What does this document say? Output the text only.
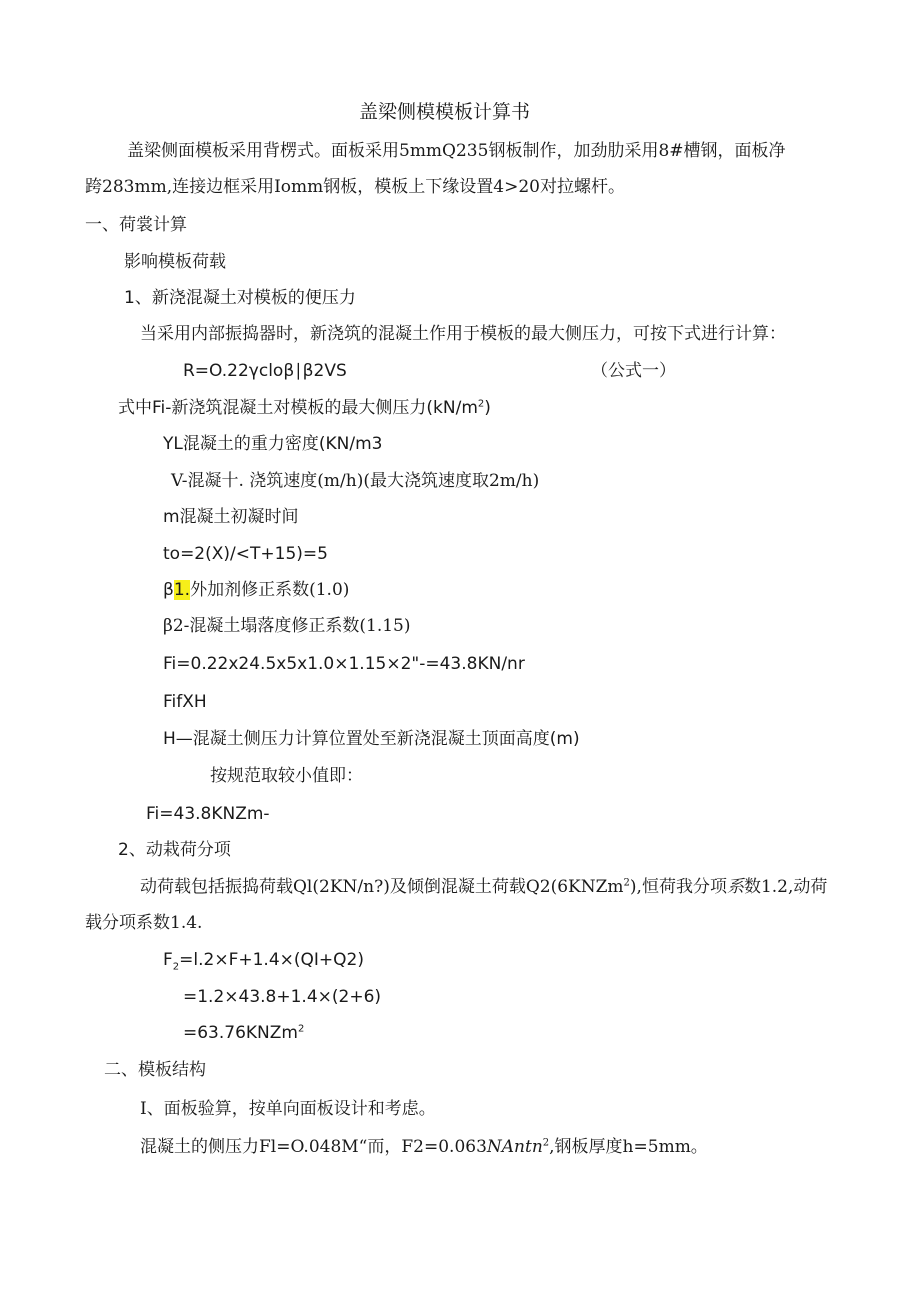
盖梁侧模模板计算书
盖梁侧面模板采用背楞式。面板采用5mmQ235钢板制作，加劲肋采用8#槽钢，面板净
跨283mm,连接边框采用Iomm钢板，模板上下缘设置4>20对拉螺杆。
一、荷裳计算
影响模板荷载
1、新浇混凝土对模板的便压力
当采用内部振捣器时，新浇筑的混凝土作用于模板的最大侧压力，可按下式进行计算：
R=O.22γcloβ∣β2VS	（公式一）
式中Fi-新浇筑混凝土对模板的最大侧压力$(kN∕m^2)$
YL混凝土的重力密度(KN/m3
V-混凝十. 浇筑速度(m∕h)(最大浇筑速度取2m∕h)
m混凝土初凝时间
to=2(X)/<T+15)=5
β1.外加剂修正系数(1.0)
β2-混凝土塌落度修正系数(1.15)
Fi=0.22x24.5x5x1.0×1.15×2"-=43.8KN/nr
FifXH
H—混凝土侧压力计算位置处至新浇混凝土顶面高度(m)
按规范取较小值即：
Fi=43.8KNZm-
2、动栽荷分项
动荷载包括振捣荷载Ql(2KN/n?)及倾倒混凝土荷载Q2(6KNZm$^2$),恒荷我分项系数1.2,动荷
载分项系数1.4.
$F_2=l.2\times F+1.4\times(QI+Q2)$
=1.2×43.8+1.4×(2+6)
=63.76KNZm$^2$
二、模板结构
I、面板验算，按单向面板设计和考虑。
混凝土的侧压力Fl=O.048M“而，F2=0.063NAntn$^2$,钢板厚度h=5mm。
